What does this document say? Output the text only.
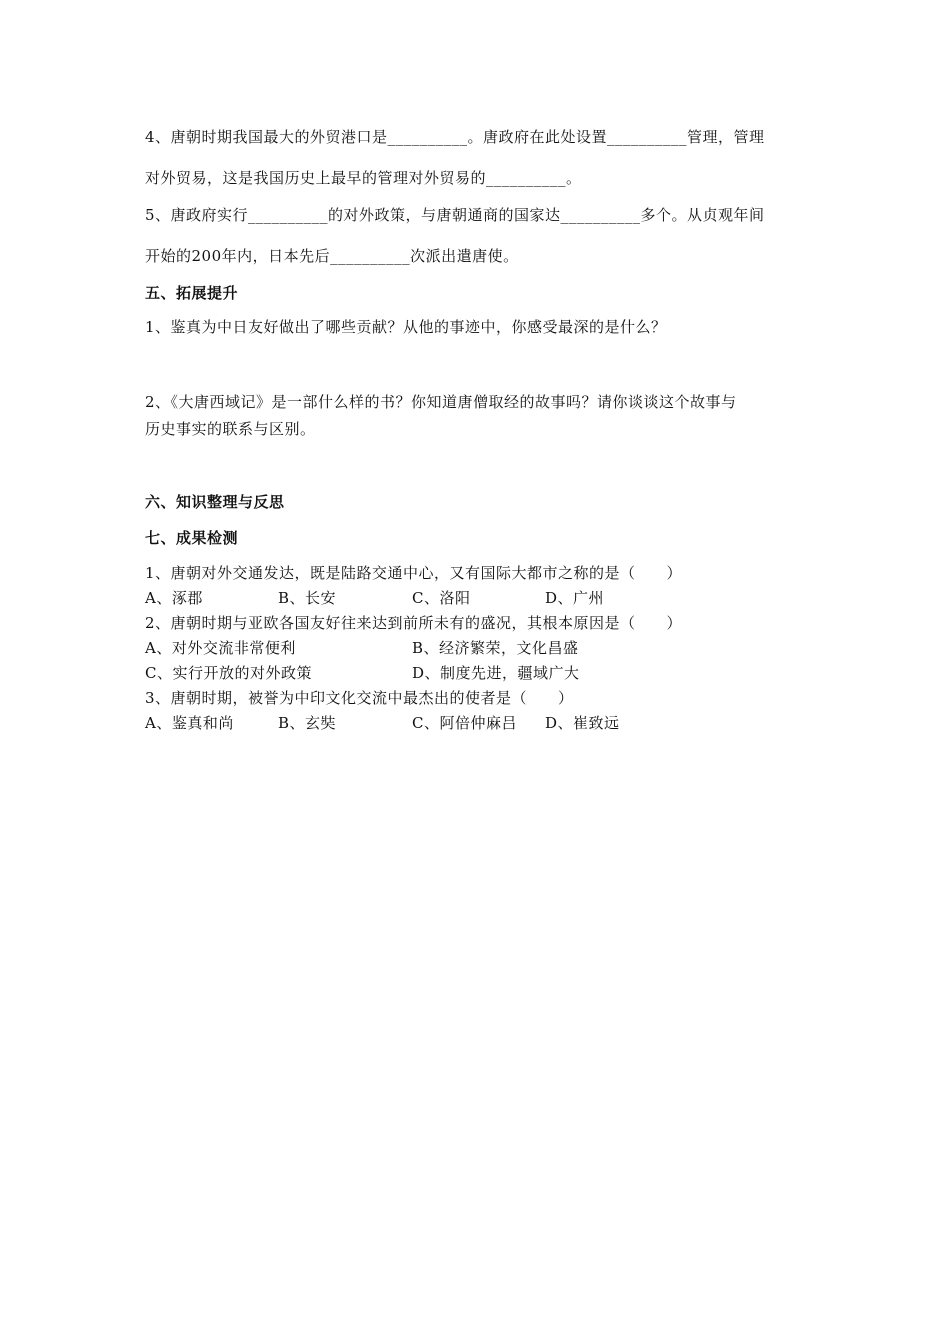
4、唐朝时期我国最大的外贸港口是__________。唐政府在此处设置__________管理，管理
对外贸易，这是我国历史上最早的管理对外贸易的__________。
5、唐政府实行__________的对外政策，与唐朝通商的国家达__________多个。从贞观年间
开始的200年内，日本先后__________次派出遣唐使。
五、拓展提升
1、鉴真为中日友好做出了哪些贡献？从他的事迹中，你感受最深的是什么？
2、《大唐西域记》是一部什么样的书？你知道唐僧取经的故事吗？请你谈谈这个故事与
历史事实的联系与区别。
六、知识整理与反思
七、成果检测
1、唐朝对外交通发达，既是陆路交通中心，又有国际大都市之称的是（　　）
A、涿郡	B、长安	C、洛阳	D、广州
2、唐朝时期与亚欧各国友好往来达到前所未有的盛况，其根本原因是（　　）
A、对外交流非常便利	B、经济繁荣，文化昌盛
C、实行开放的对外政策	D、制度先进，疆域广大
3、唐朝时期，被誉为中印文化交流中最杰出的使者是（　　）
A、鉴真和尚	B、玄奘	C、阿倍仲麻吕 D、崔致远
